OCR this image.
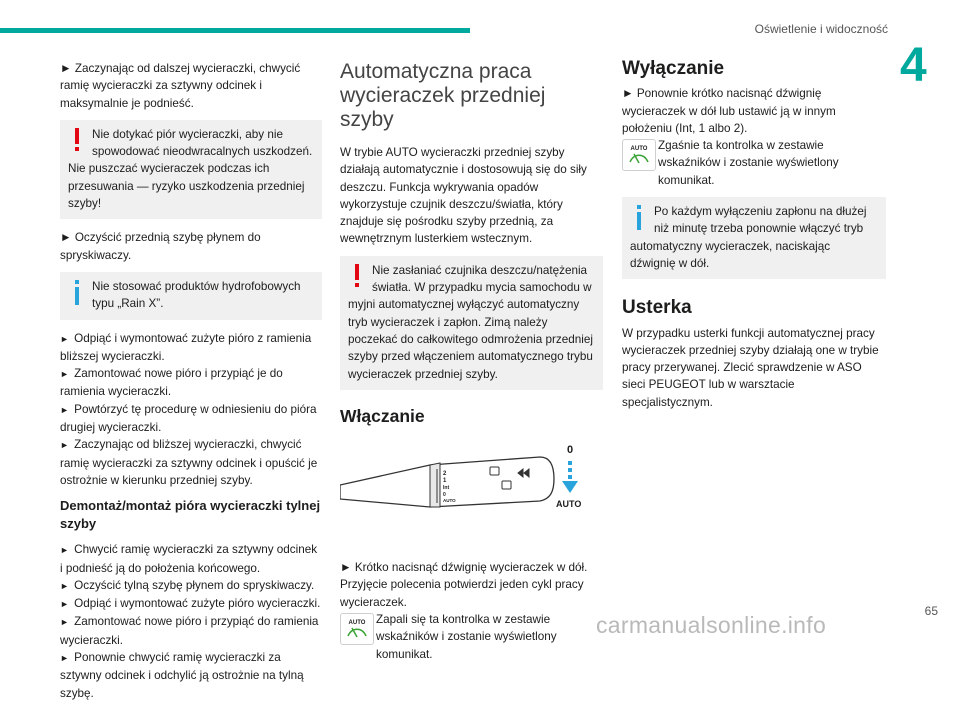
Oświetlenie i widoczność
4
65
carmanualsonline.info

► Zaczynając od dalszej wycieraczki, chwycić ramię wycieraczki za sztywny odcinek i maksymalnie je podnieść.

Nie dotykać piór wycieraczki, aby nie spowodować nieodwracalnych uszkodzeń. Nie puszczać wycieraczek podczas ich przesuwania — ryzyko uszkodzenia przedniej szyby!

► Oczyścić przednią szybę płynem do spryskiwaczy.

Nie stosować produktów hydrofobowych typu „Rain X”.

► Odpiąć i wymontować zużyte pióro z ramienia bliższej wycieraczki.

► Zamontować nowe pióro i przypiąć je do ramienia wycieraczki.

► Powtórzyć tę procedurę w odniesieniu do pióra drugiej wycieraczki.

► Zaczynając od bliższej wycieraczki, chwycić ramię wycieraczki za sztywny odcinek i opuścić je ostrożnie w kierunku przedniej szyby.

Demontaż/montaż pióra wycieraczki tylnej szyby

► Chwycić ramię wycieraczki za sztywny odcinek i podnieść ją do położenia końcowego.

► Oczyścić tylną szybę płynem do spryskiwaczy.

► Odpiąć i wymontować zużyte pióro wycieraczki.

► Zamontować nowe pióro i przypiąć do ramienia wycieraczki.

► Ponownie chwycić ramię wycieraczki za sztywny odcinek i odchylić ją ostrożnie na tylną szybę.

Automatyczna praca wycieraczek przedniej szyby

W trybie AUTO wycieraczki przedniej szyby działają automatycznie i dostosowują się do siły deszczu. Funkcja wykrywania opadów wykorzystuje czujnik deszczu/światła, który znajduje się pośrodku szyby przednią, za wewnętrznym lusterkiem wstecznym.

Nie zasłaniać czujnika deszczu/natężenia światła. W przypadku mycia samochodu w myjni automatycznej wyłączyć automatyczny tryb wycieraczek i zapłon. Zimą należy poczekać do całkowitego odmrożenia przedniej szyby przed włączeniem automatycznego trybu wycieraczek przedniej szyby.
Włączanie
2
1
Int
0
AUTO
0
AUTO

► Krótko nacisnąć dźwignię wycieraczek w dół.

Przyjęcie polecenia potwierdzi jeden cykl pracy wycieraczek.

AUTO Zapali się ta kontrolka w zestawie wskaźników i zostanie wyświetlony komunikat.
Wyłączanie

► Ponownie krótko nacisnąć dźwignię wycieraczek w dół lub ustawić ją w innym położeniu (Int, 1 albo 2).

AUTO Zgaśnie ta kontrolka w zestawie wskaźników i zostanie wyświetlony komunikat.
Po każdym wyłączeniu zapłonu na dłużej niż minutę trzeba ponownie włączyć tryb automatyczny wycieraczek, naciskając dźwignię w dół.
Usterka

W przypadku usterki funkcji automatycznej pracy wycieraczek przedniej szyby działają one w trybie pracy przerywanej. Zlecić sprawdzenie w ASO sieci PEUGEOT lub w warsztacie specjalistycznym.
